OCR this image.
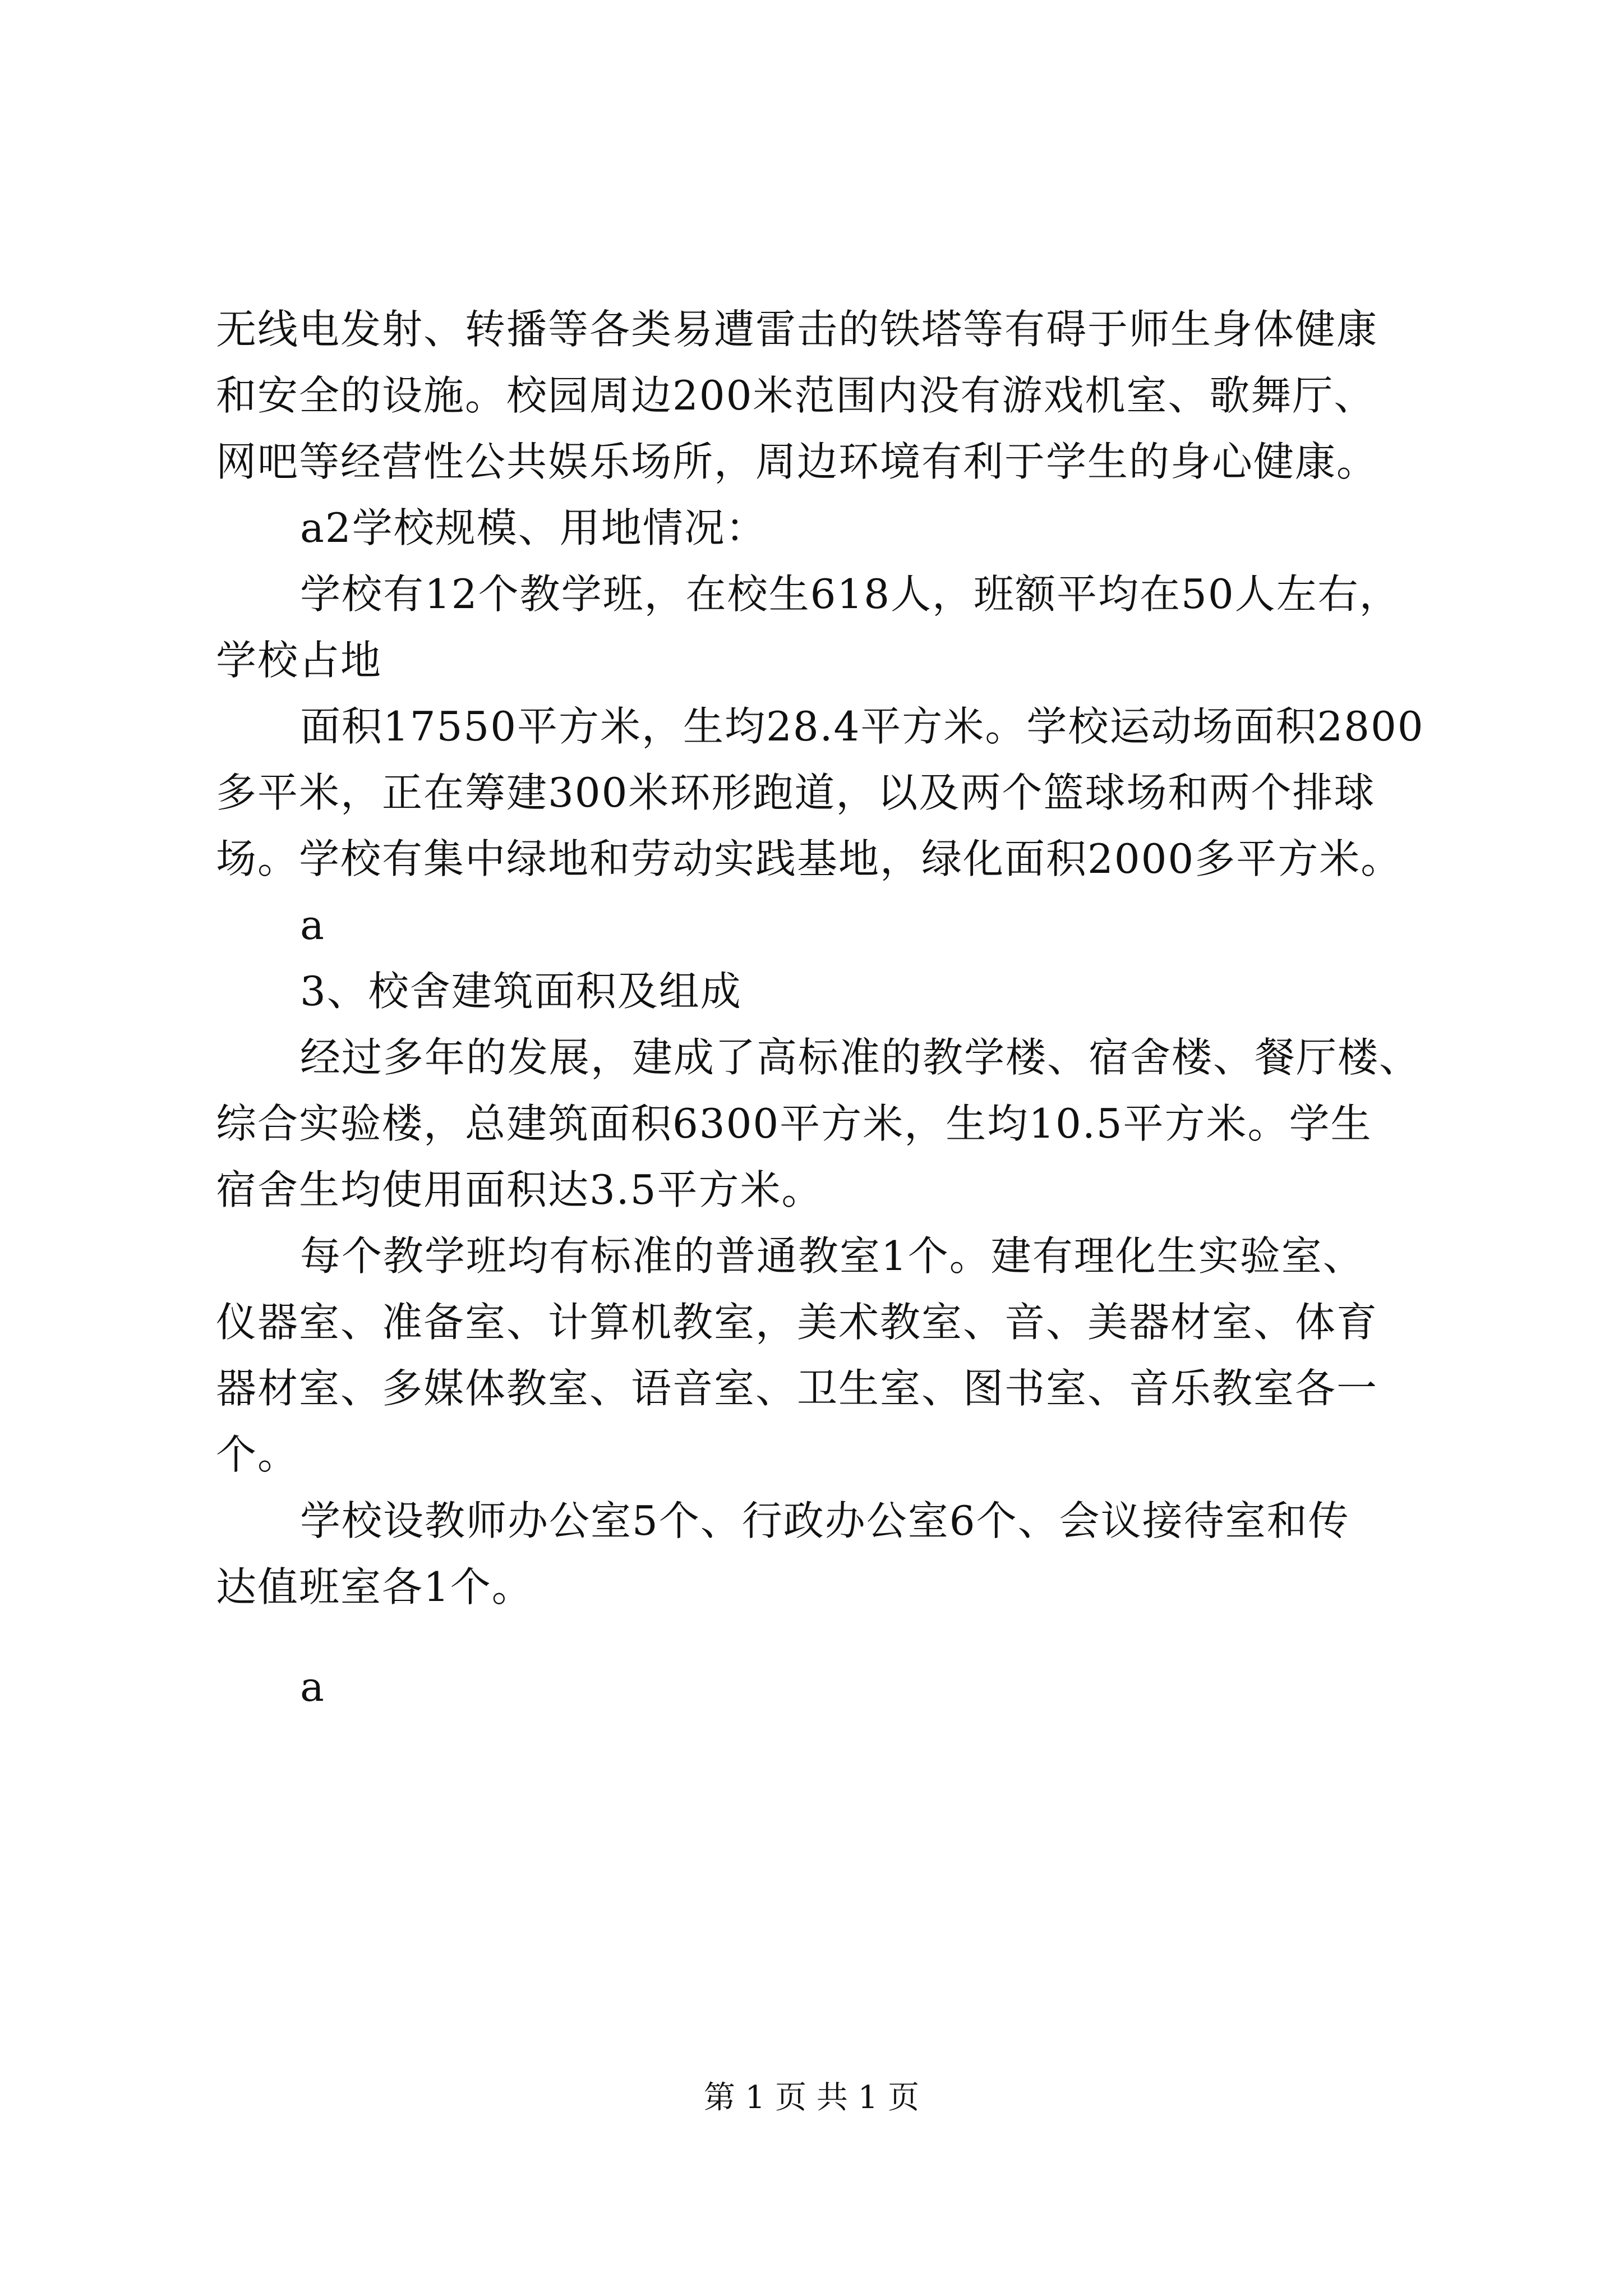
无线电发射、转播等各类易遭雷击的铁塔等有碍于师生身体健康
和安全的设施。校园周边200米范围内没有游戏机室、歌舞厅、
网吧等经营性公共娱乐场所，周边环境有利于学生的身心健康。
a2学校规模、用地情况：
学校有12个教学班，在校生618人，班额平均在50人左右，
学校占地
面积17550平方米，生均28.4平方米。学校运动场面积2800
多平米，正在筹建300米环形跑道，以及两个篮球场和两个排球
场。学校有集中绿地和劳动实践基地，绿化面积2000多平方米。
a
3、校舍建筑面积及组成
经过多年的发展，建成了高标准的教学楼、宿舍楼、餐厅楼、
综合实验楼，总建筑面积6300平方米，生均10.5平方米。学生
宿舍生均使用面积达3.5平方米。
每个教学班均有标准的普通教室1个。建有理化生实验室、
仪器室、准备室、计算机教室，美术教室、音、美器材室、体育
器材室、多媒体教室、语音室、卫生室、图书室、音乐教室各一
个。
学校设教师办公室5个、行政办公室6个、会议接待室和传
达值班室各1个。
a
第 1 页 共 1 页
